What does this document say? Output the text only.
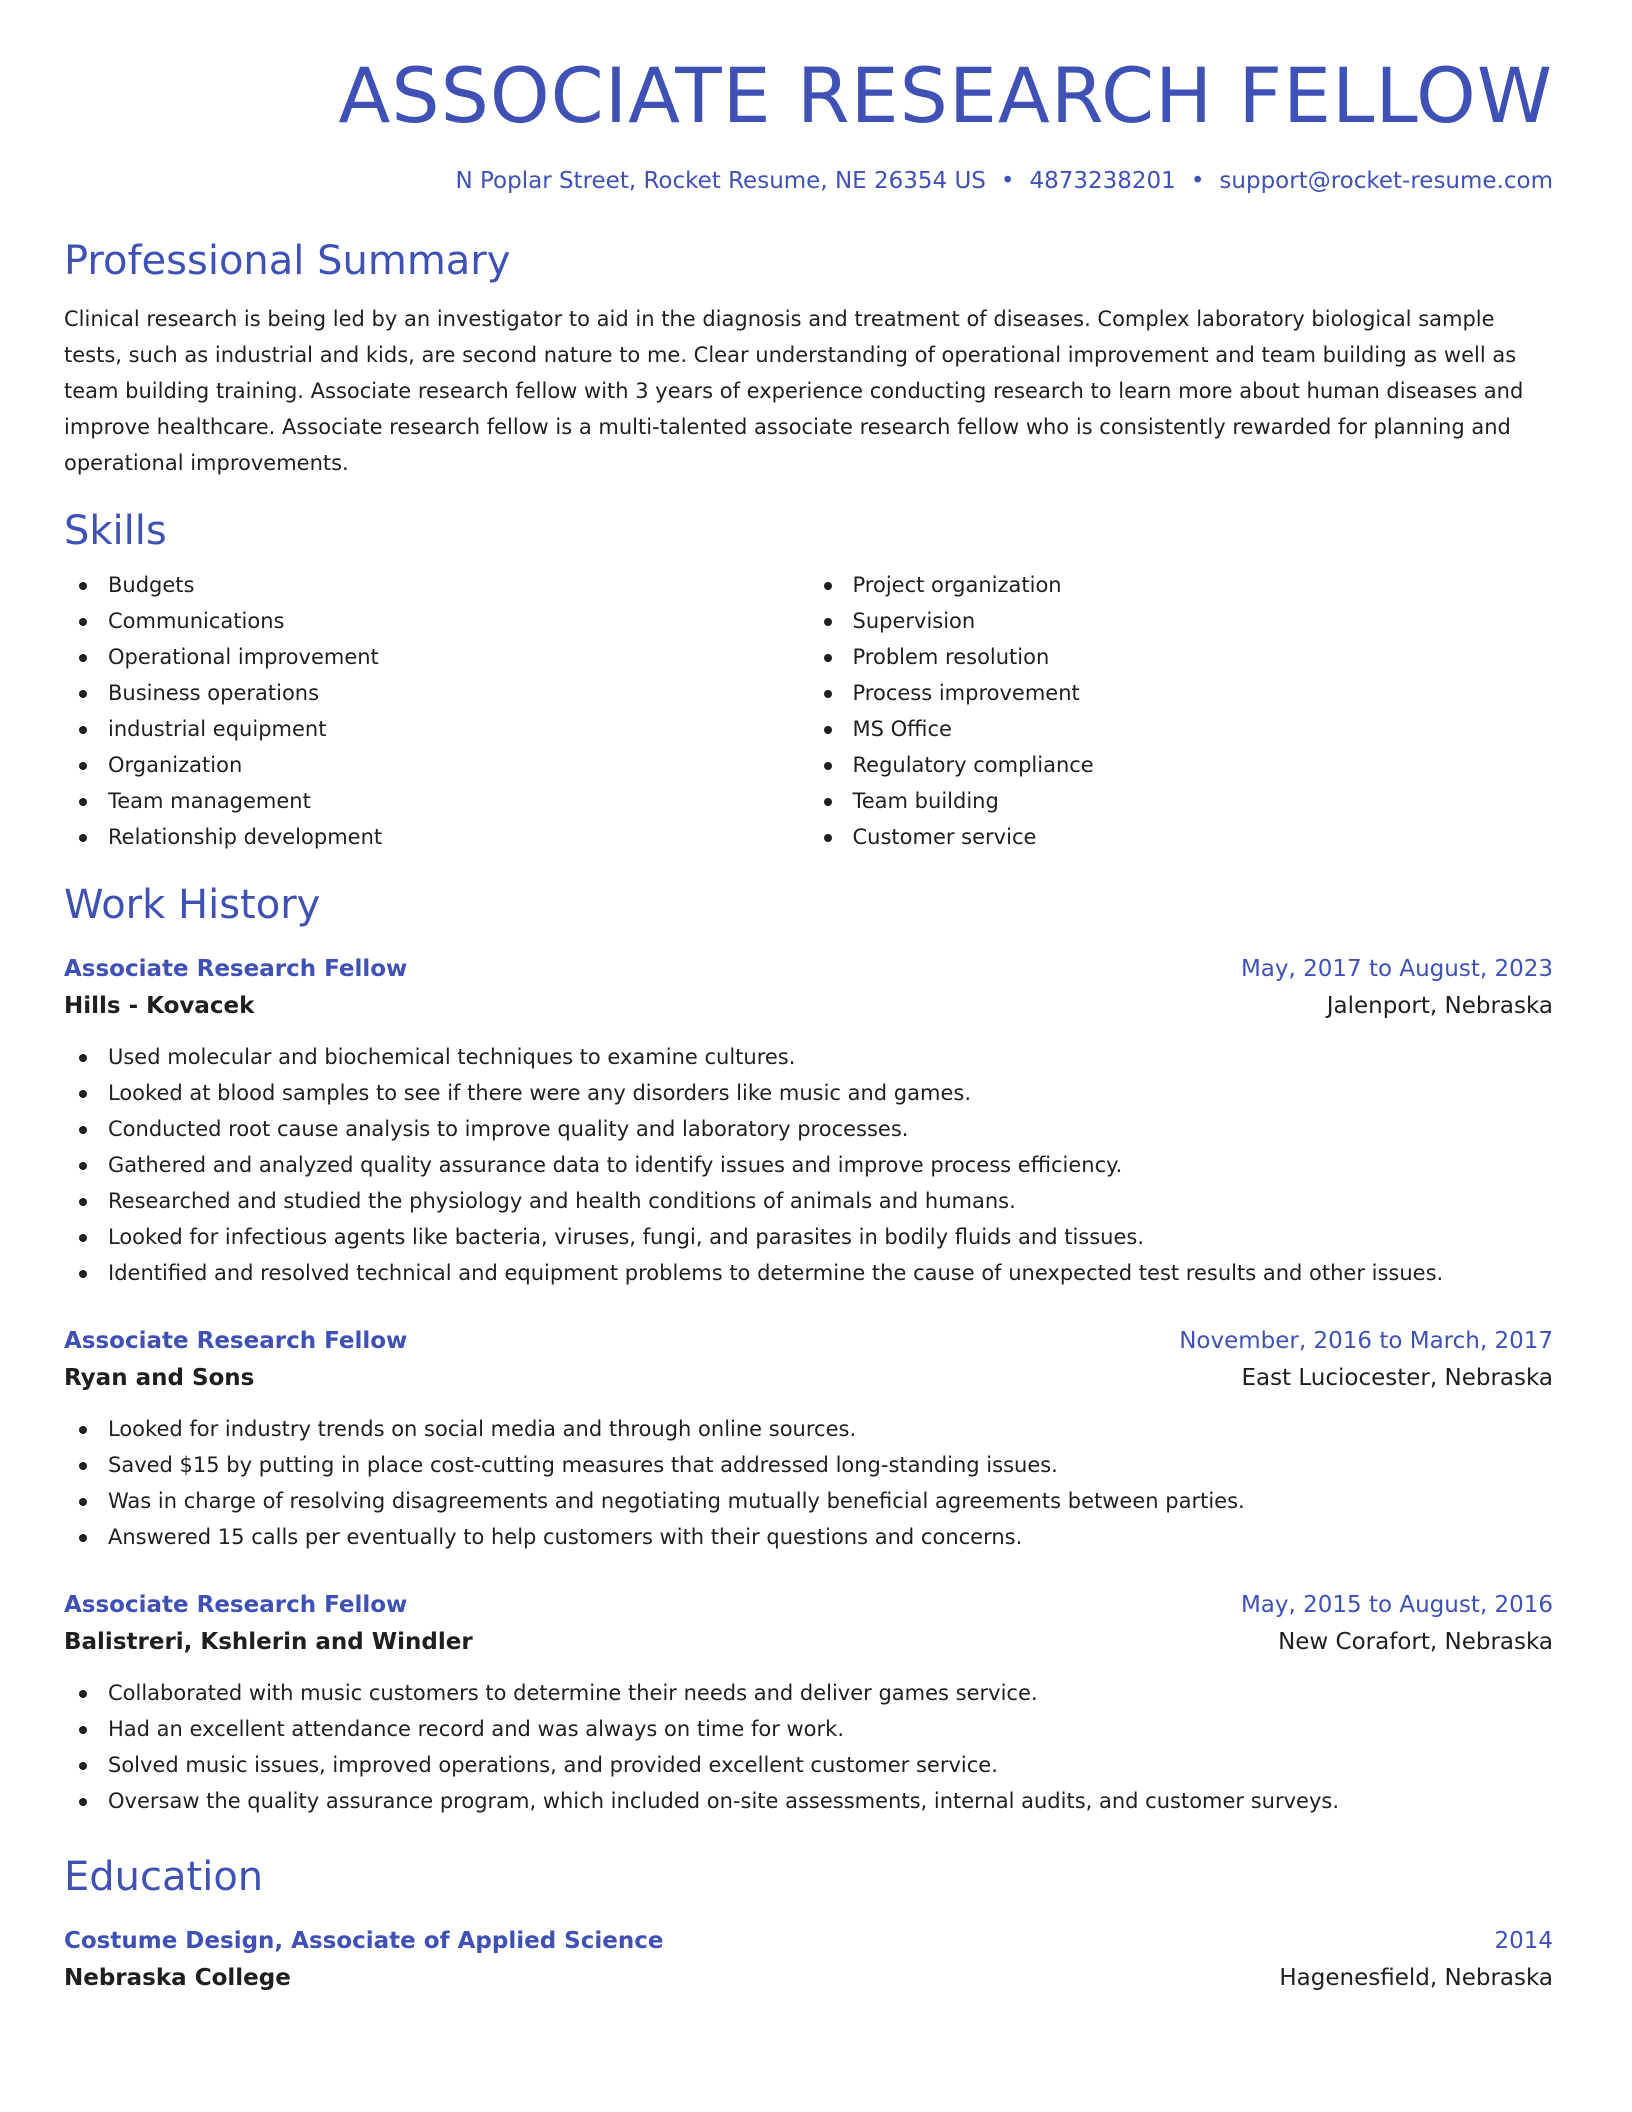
ASSOCIATE RESEARCH FELLOW
N Poplar Street, Rocket Resume, NE 26354 US • 4873238201 • support@rocket-resume.com
Professional Summary

Clinical research is being led by an investigator to aid in the diagnosis and treatment of diseases. Complex laboratory biological sample tests, such as industrial and kids, are second nature to me. Clear understanding of operational improvement and team building as well as team building training. Associate research fellow with 3 years of experience conducting research to learn more about human diseases and improve healthcare. Associate research fellow is a multi-talented associate research fellow who is consistently rewarded for planning and operational improvements.

Skills
Budgets
Communications
Operational improvement
Business operations
industrial equipment
Organization
Team management
Relationship development
Project organization
Supervision
Problem resolution
Process improvement
MS Office
Regulatory compliance
Team building
Customer service
Work History
Associate Research Fellow	May, 2017 to August, 2023
Hills - Kovacek	Jalenport, Nebraska
Used molecular and biochemical techniques to examine cultures.
Looked at blood samples to see if there were any disorders like music and games.
Conducted root cause analysis to improve quality and laboratory processes.
Gathered and analyzed quality assurance data to identify issues and improve process efficiency.
Researched and studied the physiology and health conditions of animals and humans.
Looked for infectious agents like bacteria, viruses, fungi, and parasites in bodily fluids and tissues.
Identified and resolved technical and equipment problems to determine the cause of unexpected test results and other issues.
Associate Research Fellow	November, 2016 to March, 2017
Ryan and Sons	East Luciocester, Nebraska
Looked for industry trends on social media and through online sources.
Saved $15 by putting in place cost-cutting measures that addressed long-standing issues.
Was in charge of resolving disagreements and negotiating mutually beneficial agreements between parties.
Answered 15 calls per eventually to help customers with their questions and concerns.
Associate Research Fellow	May, 2015 to August, 2016
Balistreri, Kshlerin and Windler	New Corafort, Nebraska
Collaborated with music customers to determine their needs and deliver games service.
Had an excellent attendance record and was always on time for work.
Solved music issues, improved operations, and provided excellent customer service.
Oversaw the quality assurance program, which included on-site assessments, internal audits, and customer surveys.
Education
Costume Design, Associate of Applied Science	2014
Nebraska College	Hagenesfield, Nebraska
